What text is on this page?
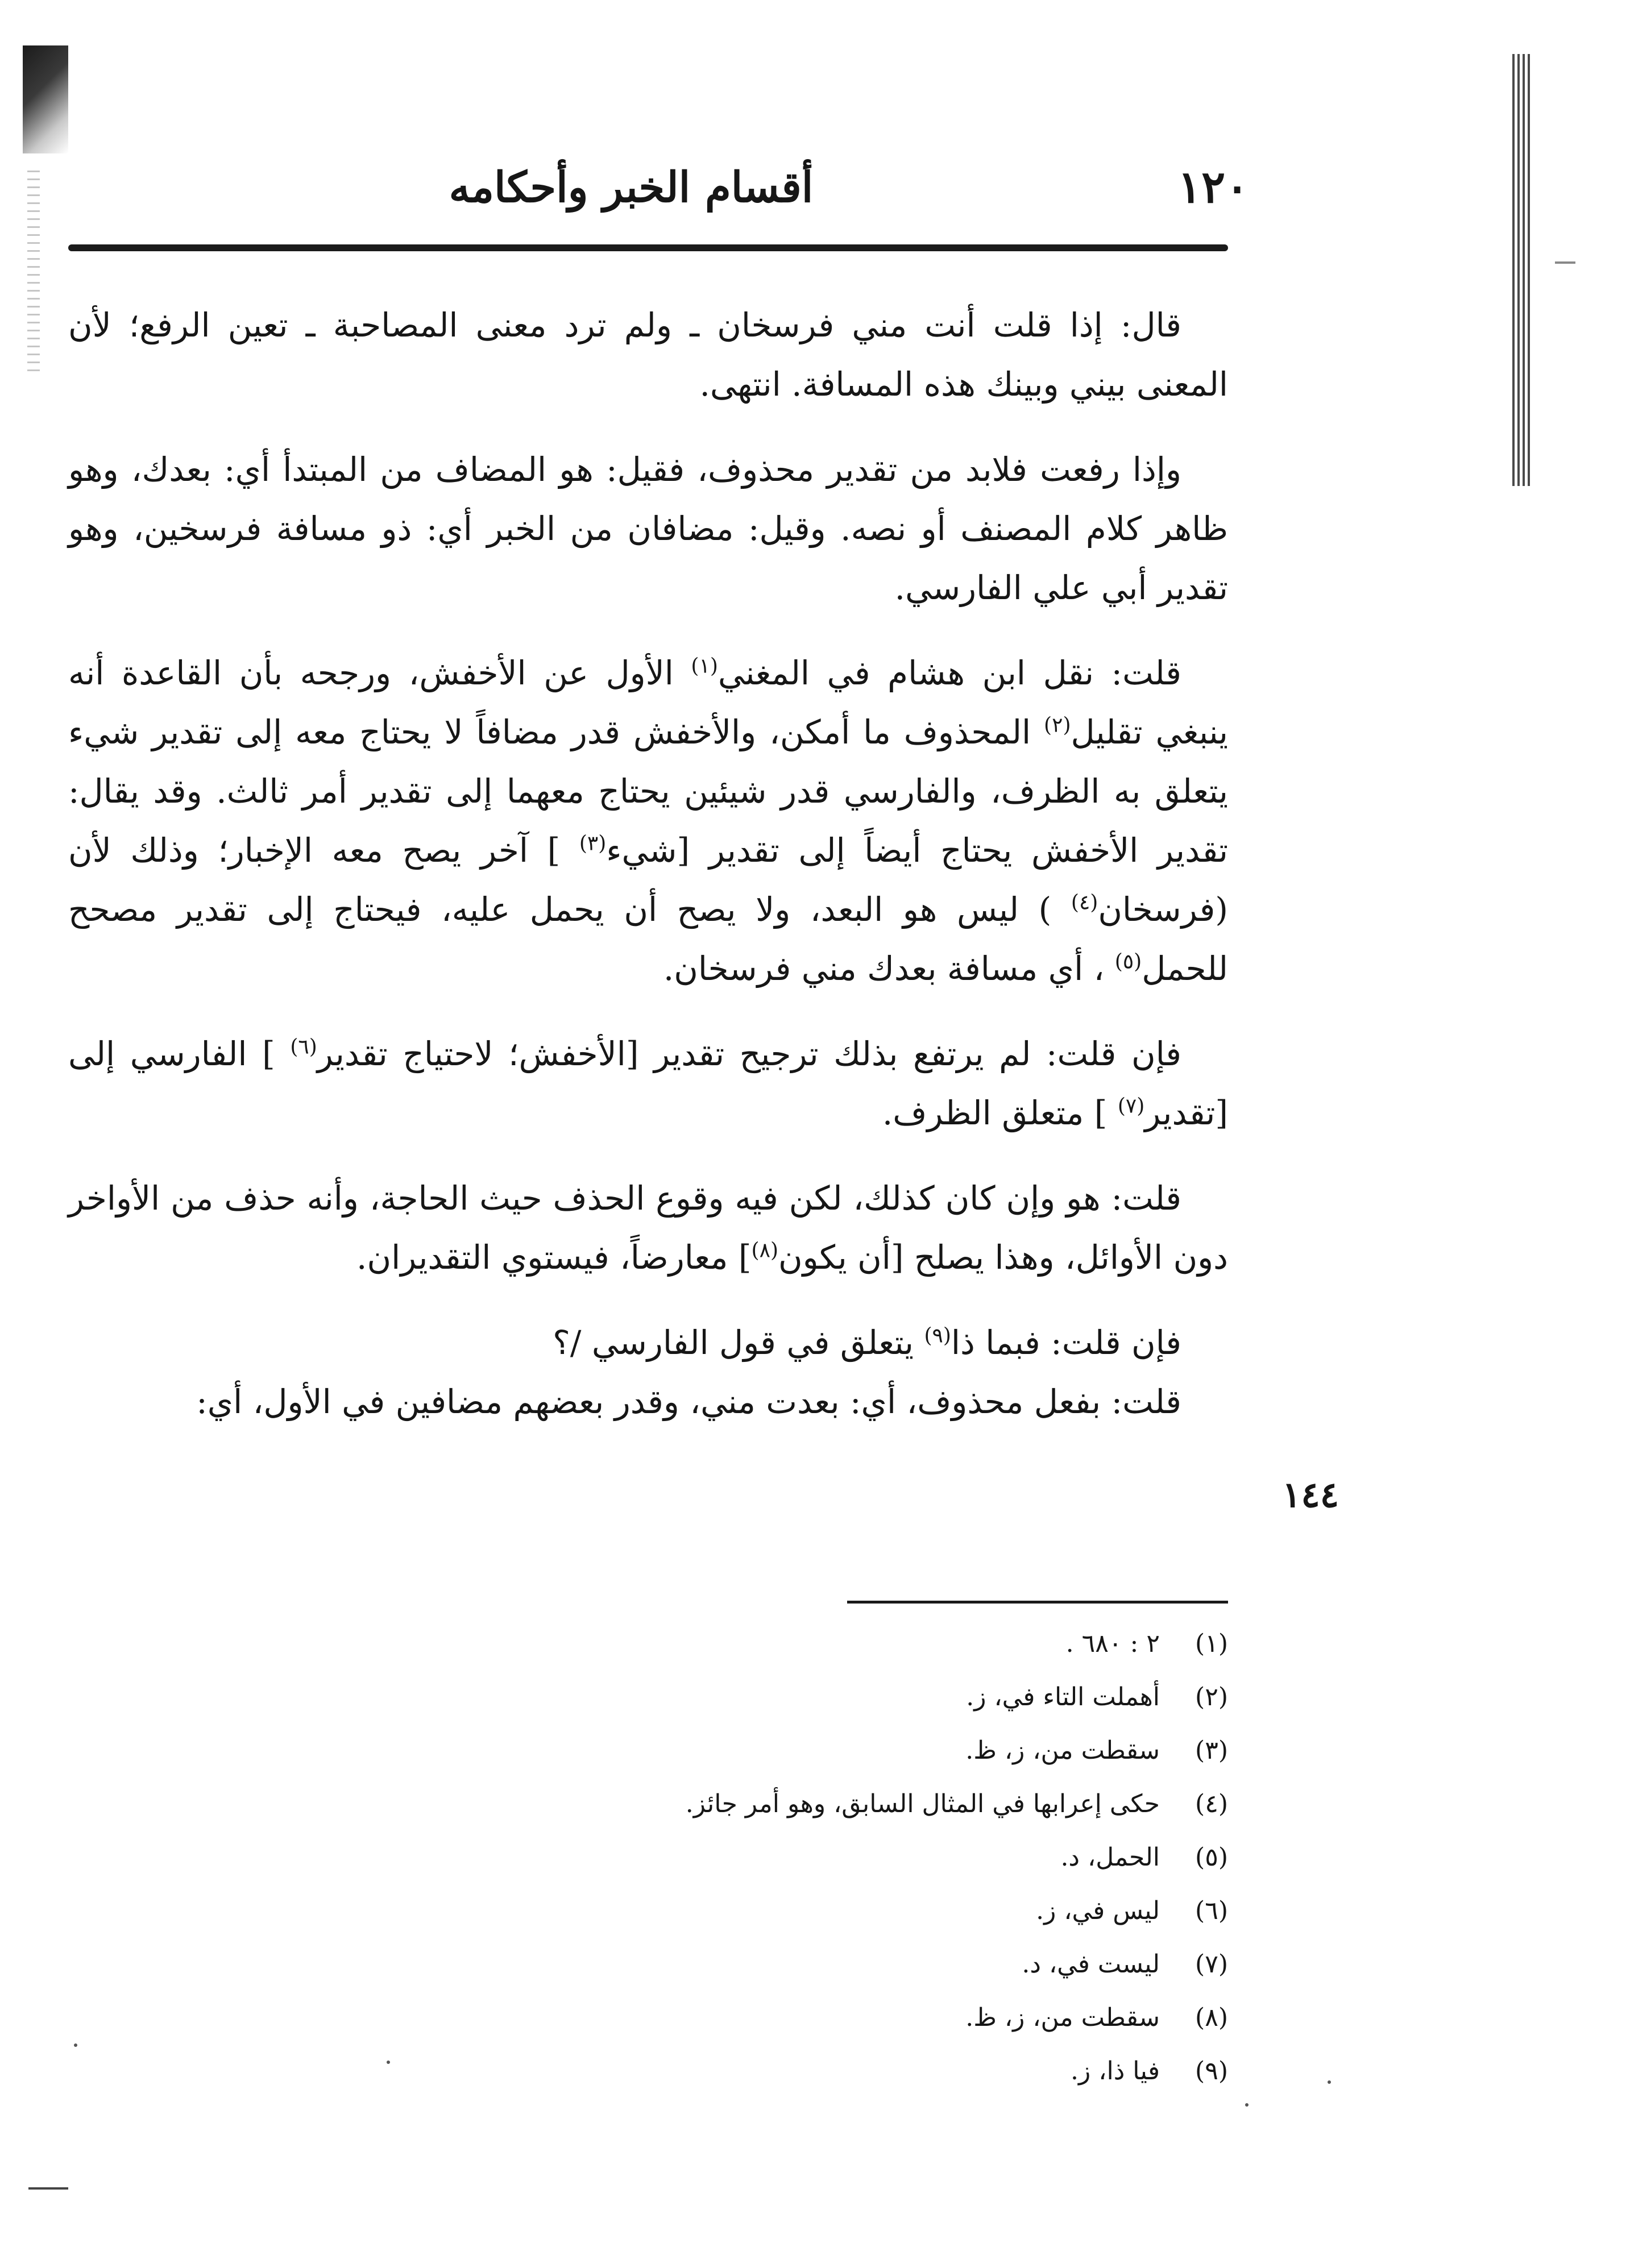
١٢٠
أقسام الخبر وأحكامه

قال: إذا قلت أنت مني فرسخان ـ ولم ترد معنى المصاحبة ـ تعين الرفع؛ لأن المعنى بيني وبينك هذه المسافة. انتهى.

وإذا رفعت فلابد من تقدير محذوف، فقيل: هو المضاف من المبتدأ أي: بعدك، وهو ظاهر كلام المصنف أو نصه. وقيل: مضافان من الخبر أي: ذو مسافة فرسخين، وهو تقدير أبي علي الفارسي.

قلت: نقل ابن هشام في المغني$^{(١)}$ الأول عن الأخفش، ورجحه بأن القاعدة أنه ينبغي تقليل$^{(٢)}$ المحذوف ما أمكن، والأخفش قدر مضافاً لا يحتاج معه إلى تقدير شيء يتعلق به الظرف، والفارسي قدر شيئين يحتاج معهما إلى تقدير أمر ثالث. وقد يقال: تقدير الأخفش يحتاج أيضاً إلى تقدير [شيء$^{(٣)}$ ] آخر يصح معه الإخبار؛ وذلك لأن (فرسخان$^{(٤)}$ ) ليس هو البعد، ولا يصح أن يحمل عليه، فيحتاج إلى تقدير مصحح للحمل$^{(٥)}$ ، أي مسافة بعدك مني فرسخان.

فإن قلت: لم يرتفع بذلك ترجيح تقدير [الأخفش؛ لاحتياج تقدير$^{(٦)}$ ] الفارسي إلى [تقدير$^{(٧)}$ ] متعلق الظرف.

قلت: هو وإن كان كذلك، لكن فيه وقوع الحذف حيث الحاجة، وأنه حذف من الأواخر دون الأوائل، وهذا يصلح [أن يكون$^{(٨)}$] معارضاً، فيستوي التقديران.

فإن قلت: فبما ذا$^{(٩)}$ يتعلق في قول الفارسي /؟

قلت: بفعل محذوف، أي: بعدت مني، وقدر بعضهم مضافين في الأول، أي:

١٤٤
(١)٢ : ٦٨٠ .
(٢)أهملت التاء في، ز.
(٣)سقطت من، ز، ظ.
(٤)حكى إعرابها في المثال السابق، وهو أمر جائز.
(٥)الحمل، د.
(٦)ليس في، ز.
(٧)ليست في، د.
(٨)سقطت من، ز، ظ.
(٩)فيا ذا، ز.
